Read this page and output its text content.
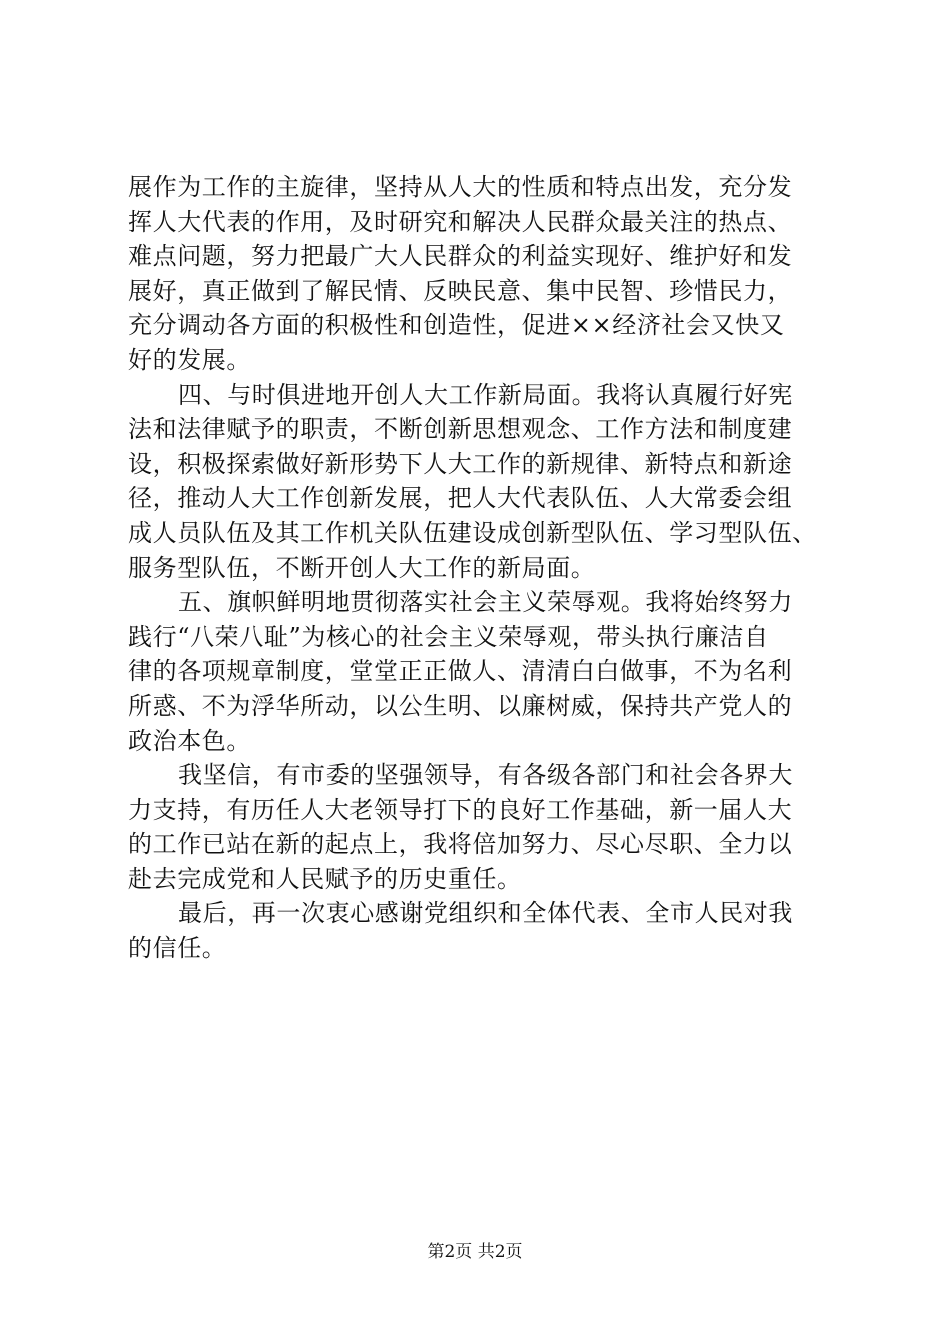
展作为工作的主旋律，坚持从人大的性质和特点出发，充分发
挥人大代表的作用，及时研究和解决人民群众最关注的热点、
难点问题，努力把最广大人民群众的利益实现好、维护好和发
展好，真正做到了解民情、反映民意、集中民智、珍惜民力，
充分调动各方面的积极性和创造性，促进××经济社会又快又
好的发展。
四、与时俱进地开创人大工作新局面。我将认真履行好宪
法和法律赋予的职责，不断创新思想观念、工作方法和制度建
设，积极探索做好新形势下人大工作的新规律、新特点和新途
径，推动人大工作创新发展，把人大代表队伍、人大常委会组
成人员队伍及其工作机关队伍建设成创新型队伍、学习型队伍、
服务型队伍，不断开创人大工作的新局面。
五、旗帜鲜明地贯彻落实社会主义荣辱观。我将始终努力
践行“八荣八耻”为核心的社会主义荣辱观，带头执行廉洁自
律的各项规章制度，堂堂正正做人、清清白白做事，不为名利
所惑、不为浮华所动，以公生明、以廉树威，保持共产党人的
政治本色。
我坚信，有市委的坚强领导，有各级各部门和社会各界大
力支持，有历任人大老领导打下的良好工作基础，新一届人大
的工作已站在新的起点上，我将倍加努力、尽心尽职、全力以
赴去完成党和人民赋予的历史重任。
最后，再一次衷心感谢党组织和全体代表、全市人民对我
的信任。
第2页 共2页
